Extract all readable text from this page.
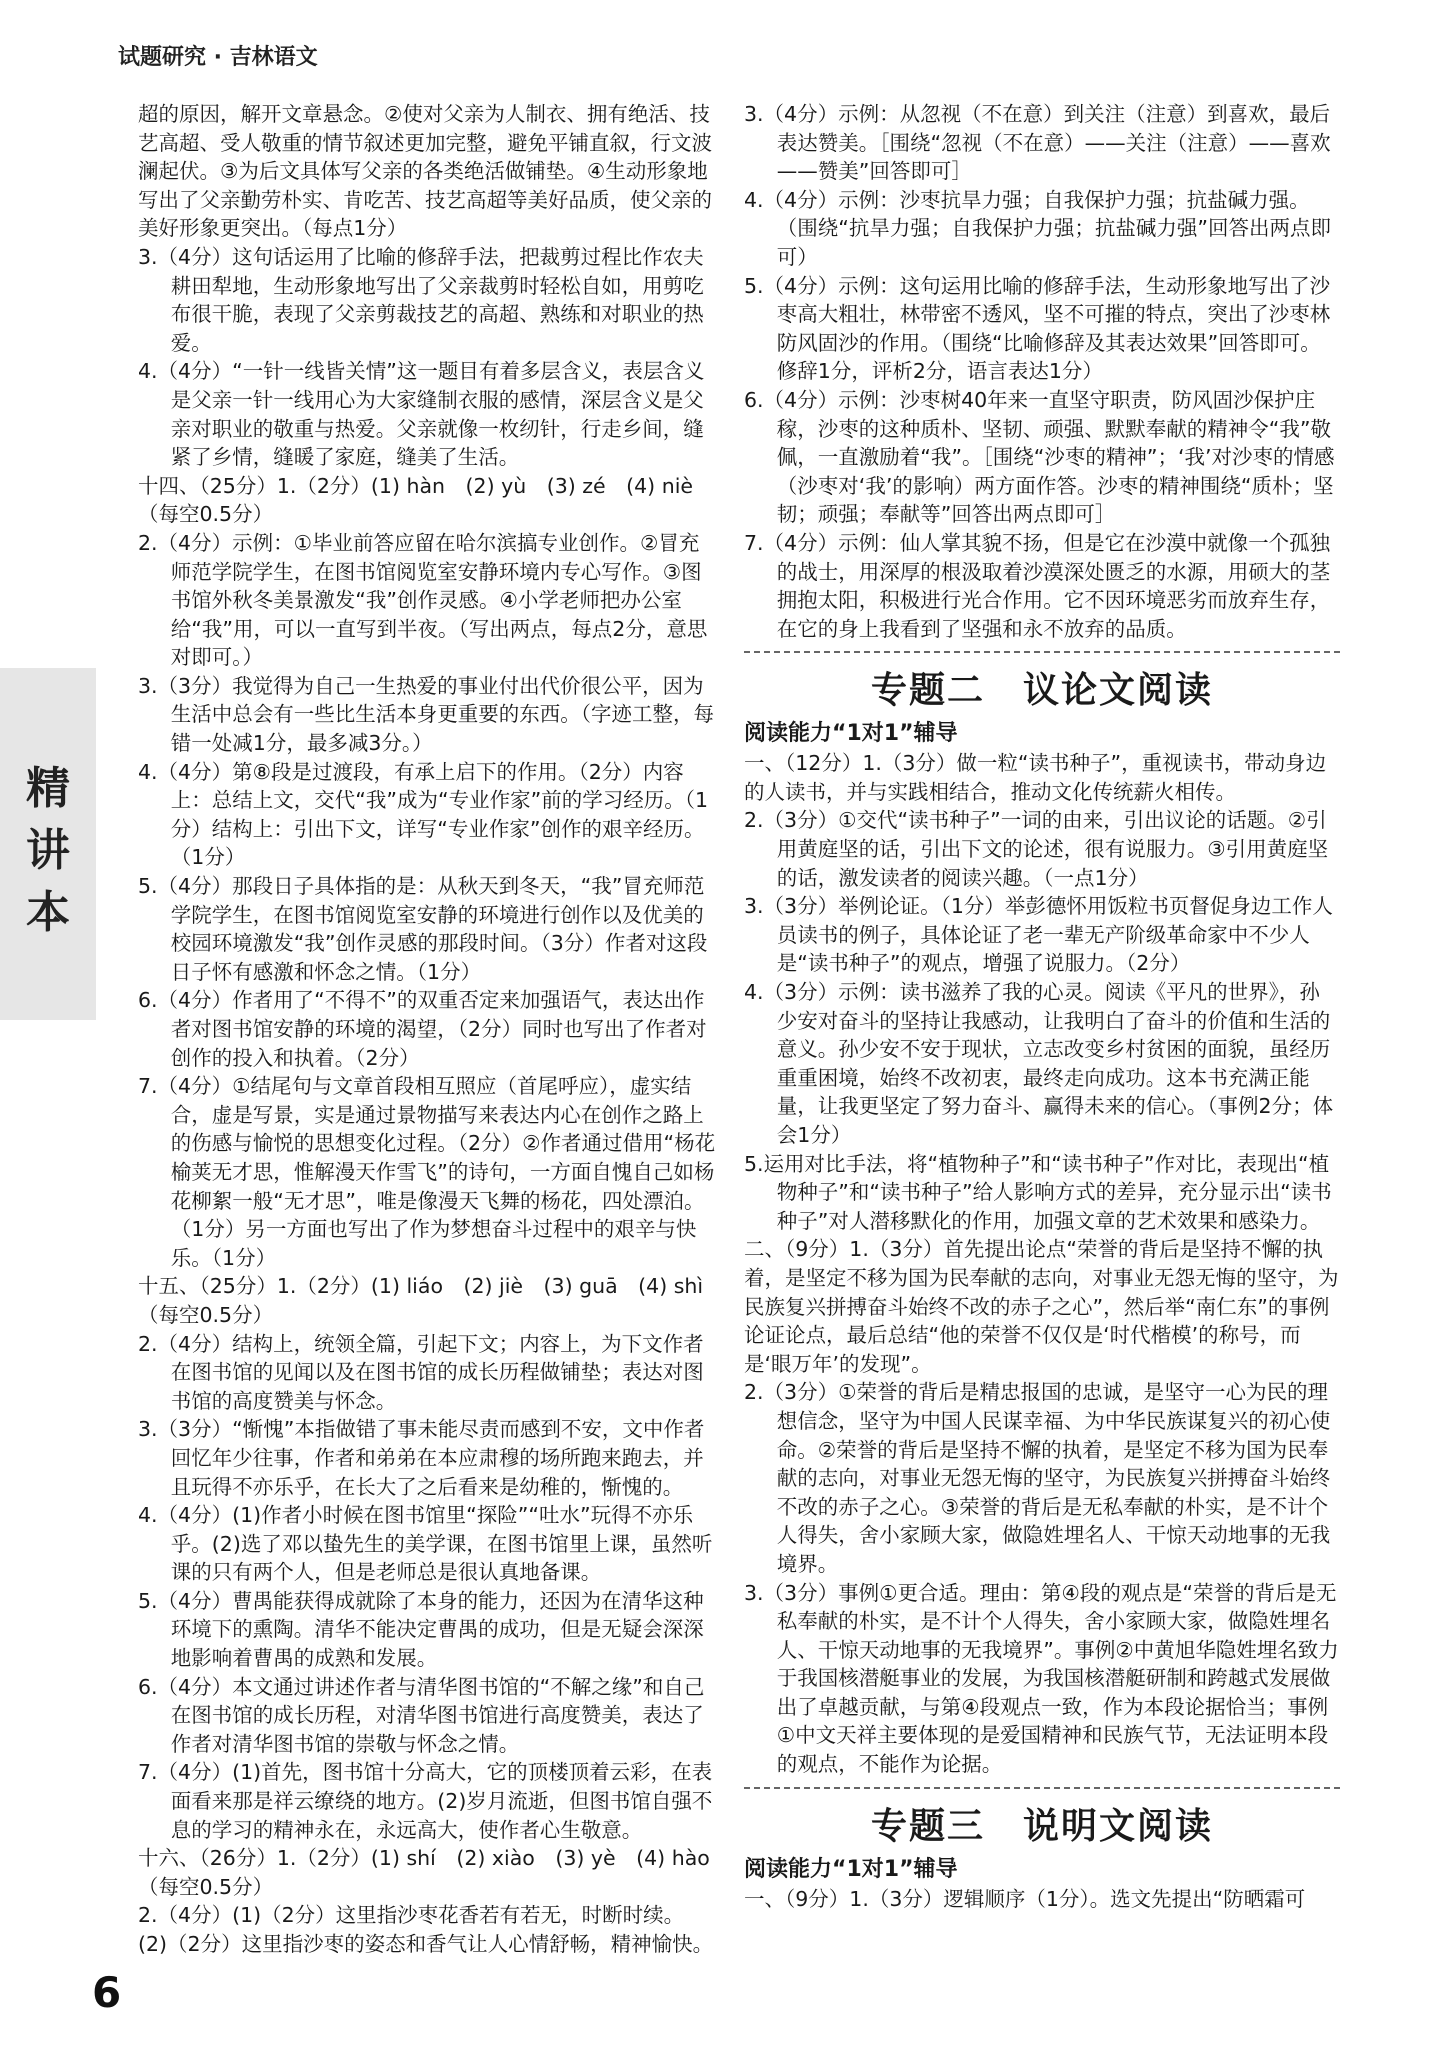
试题研究 · 吉林语文
精讲本

超的原因，解开文章悬念。②使对父亲为人制衣、拥有绝活、技艺高超、受人敬重的情节叙述更加完整，避免平铺直叙，行文波澜起伏。③为后文具体写父亲的各类绝活做铺垫。④生动形象地写出了父亲勤劳朴实、肯吃苦、技艺高超等美好品质，使父亲的美好形象更突出。（每点1分）

3.（4分）这句话运用了比喻的修辞手法，把裁剪过程比作农夫耕田犁地，生动形象地写出了父亲裁剪时轻松自如，用剪吃布很干脆，表现了父亲剪裁技艺的高超、熟练和对职业的热爱。

4.（4分）“一针一线皆关情”这一题目有着多层含义，表层含义是父亲一针一线用心为大家缝制衣服的感情，深层含义是父亲对职业的敬重与热爱。父亲就像一枚纫针，行走乡间，缝紧了乡情，缝暖了家庭，缝美了生活。

十四、（25分）1.（2分）(1) hàn　(2) yù　(3) zé　(4) niè（每空0.5分）

2.（4分）示例：①毕业前答应留在哈尔滨搞专业创作。②冒充师范学院学生，在图书馆阅览室安静环境内专心写作。③图书馆外秋冬美景激发“我”创作灵感。④小学老师把办公室给“我”用，可以一直写到半夜。（写出两点，每点2分，意思对即可。）

3.（3分）我觉得为自己一生热爱的事业付出代价很公平，因为生活中总会有一些比生活本身更重要的东西。（字迹工整，每错一处减1分，最多减3分。）

4.（4分）第⑧段是过渡段，有承上启下的作用。（2分）内容上：总结上文，交代“我”成为“专业作家”前的学习经历。（1分）结构上：引出下文，详写“专业作家”创作的艰辛经历。（1分）

5.（4分）那段日子具体指的是：从秋天到冬天，“我”冒充师范学院学生，在图书馆阅览室安静的环境进行创作以及优美的校园环境激发“我”创作灵感的那段时间。（3分）作者对这段日子怀有感激和怀念之情。（1分）

6.（4分）作者用了“不得不”的双重否定来加强语气，表达出作者对图书馆安静的环境的渴望，（2分）同时也写出了作者对创作的投入和执着。（2分）

7.（4分）①结尾句与文章首段相互照应（首尾呼应），虚实结合，虚是写景，实是通过景物描写来表达内心在创作之路上的伤感与愉悦的思想变化过程。（2分）②作者通过借用“杨花榆荚无才思，惟解漫天作雪飞”的诗句，一方面自愧自己如杨花柳絮一般“无才思”，唯是像漫天飞舞的杨花，四处漂泊。（1分）另一方面也写出了作为梦想奋斗过程中的艰辛与快乐。（1分）

十五、（25分）1.（2分）(1) liáo　(2) jiè　(3) guā　(4) shì（每空0.5分）

2.（4分）结构上，统领全篇，引起下文；内容上，为下文作者在图书馆的见闻以及在图书馆的成长历程做铺垫；表达对图书馆的高度赞美与怀念。

3.（3分）“惭愧”本指做错了事未能尽责而感到不安，文中作者回忆年少往事，作者和弟弟在本应肃穆的场所跑来跑去，并且玩得不亦乐乎，在长大了之后看来是幼稚的，惭愧的。

4.（4分）(1)作者小时候在图书馆里“探险”“吐水”玩得不亦乐乎。(2)选了邓以蛰先生的美学课，在图书馆里上课，虽然听课的只有两个人，但是老师总是很认真地备课。

5.（4分）曹禺能获得成就除了本身的能力，还因为在清华这种环境下的熏陶。清华不能决定曹禺的成功，但是无疑会深深地影响着曹禺的成熟和发展。

6.（4分）本文通过讲述作者与清华图书馆的“不解之缘”和自己在图书馆的成长历程，对清华图书馆进行高度赞美，表达了作者对清华图书馆的崇敬与怀念之情。

7.（4分）(1)首先，图书馆十分高大，它的顶楼顶着云彩，在表面看来那是祥云缭绕的地方。(2)岁月流逝，但图书馆自强不息的学习的精神永在，永远高大，使作者心生敬意。

十六、（26分）1.（2分）(1) shí　(2) xiào　(3) yè　(4) hào（每空0.5分）

2.（4分）(1)（2分）这里指沙枣花香若有若无，时断时续。

(2)（2分）这里指沙枣的姿态和香气让人心情舒畅，精神愉快。

3.（4分）示例：从忽视（不在意）到关注（注意）到喜欢，最后表达赞美。［围绕“忽视（不在意）——关注（注意）——喜欢——赞美”回答即可］

4.（4分）示例：沙枣抗旱力强；自我保护力强；抗盐碱力强。（围绕“抗旱力强；自我保护力强；抗盐碱力强”回答出两点即可）

5.（4分）示例：这句运用比喻的修辞手法，生动形象地写出了沙枣高大粗壮，林带密不透风，坚不可摧的特点，突出了沙枣林防风固沙的作用。（围绕“比喻修辞及其表达效果”回答即可。修辞1分，评析2分，语言表达1分）

6.（4分）示例：沙枣树40年来一直坚守职责，防风固沙保护庄稼，沙枣的这种质朴、坚韧、顽强、默默奉献的精神令“我”敬佩，一直激励着“我”。［围绕“沙枣的精神”；‘我’对沙枣的情感（沙枣对‘我’的影响）两方面作答。沙枣的精神围绕“质朴；坚韧；顽强；奉献等”回答出两点即可］

7.（4分）示例：仙人掌其貌不扬，但是它在沙漠中就像一个孤独的战士，用深厚的根汲取着沙漠深处匮乏的水源，用硕大的茎拥抱太阳，积极进行光合作用。它不因环境恶劣而放弃生存，在它的身上我看到了坚强和永不放弃的品质。

专题二　议论文阅读

阅读能力“1对1”辅导

一、（12分）1.（3分）做一粒“读书种子”，重视读书，带动身边的人读书，并与实践相结合，推动文化传统薪火相传。

2.（3分）①交代“读书种子”一词的由来，引出议论的话题。②引用黄庭坚的话，引出下文的论述，很有说服力。③引用黄庭坚的话，激发读者的阅读兴趣。（一点1分）

3.（3分）举例论证。（1分）举彭德怀用饭粒书页督促身边工作人员读书的例子，具体论证了老一辈无产阶级革命家中不少人是“读书种子”的观点，增强了说服力。（2分）

4.（3分）示例：读书滋养了我的心灵。阅读《平凡的世界》，孙少安对奋斗的坚持让我感动，让我明白了奋斗的价值和生活的意义。孙少安不安于现状，立志改变乡村贫困的面貌，虽经历重重困境，始终不改初衷，最终走向成功。这本书充满正能量，让我更坚定了努力奋斗、赢得未来的信心。（事例2分；体会1分）

5.运用对比手法，将“植物种子”和“读书种子”作对比，表现出“植物种子”和“读书种子”给人影响方式的差异，充分显示出“读书种子”对人潜移默化的作用，加强文章的艺术效果和感染力。

二、（9分）1.（3分）首先提出论点“荣誉的背后是坚持不懈的执着，是坚定不移为国为民奉献的志向，对事业无怨无悔的坚守，为民族复兴拼搏奋斗始终不改的赤子之心”，然后举“南仁东”的事例论证论点，最后总结“他的荣誉不仅仅是‘时代楷模’的称号，而是‘眼万年’的发现”。

2.（3分）①荣誉的背后是精忠报国的忠诚，是坚守一心为民的理想信念，坚守为中国人民谋幸福、为中华民族谋复兴的初心使命。②荣誉的背后是坚持不懈的执着，是坚定不移为国为民奉献的志向，对事业无怨无悔的坚守，为民族复兴拼搏奋斗始终不改的赤子之心。③荣誉的背后是无私奉献的朴实，是不计个人得失，舍小家顾大家，做隐姓埋名人、干惊天动地事的无我境界。

3.（3分）事例①更合适。理由：第④段的观点是“荣誉的背后是无私奉献的朴实，是不计个人得失，舍小家顾大家，做隐姓埋名人、干惊天动地事的无我境界”。事例②中黄旭华隐姓埋名致力于我国核潜艇事业的发展，为我国核潜艇研制和跨越式发展做出了卓越贡献，与第④段观点一致，作为本段论据恰当；事例①中文天祥主要体现的是爱国精神和民族气节，无法证明本段的观点，不能作为论据。

专题三　说明文阅读

阅读能力“1对1”辅导

一、（9分）1.（3分）逻辑顺序（1分）。选文先提出“防晒霜可

6
